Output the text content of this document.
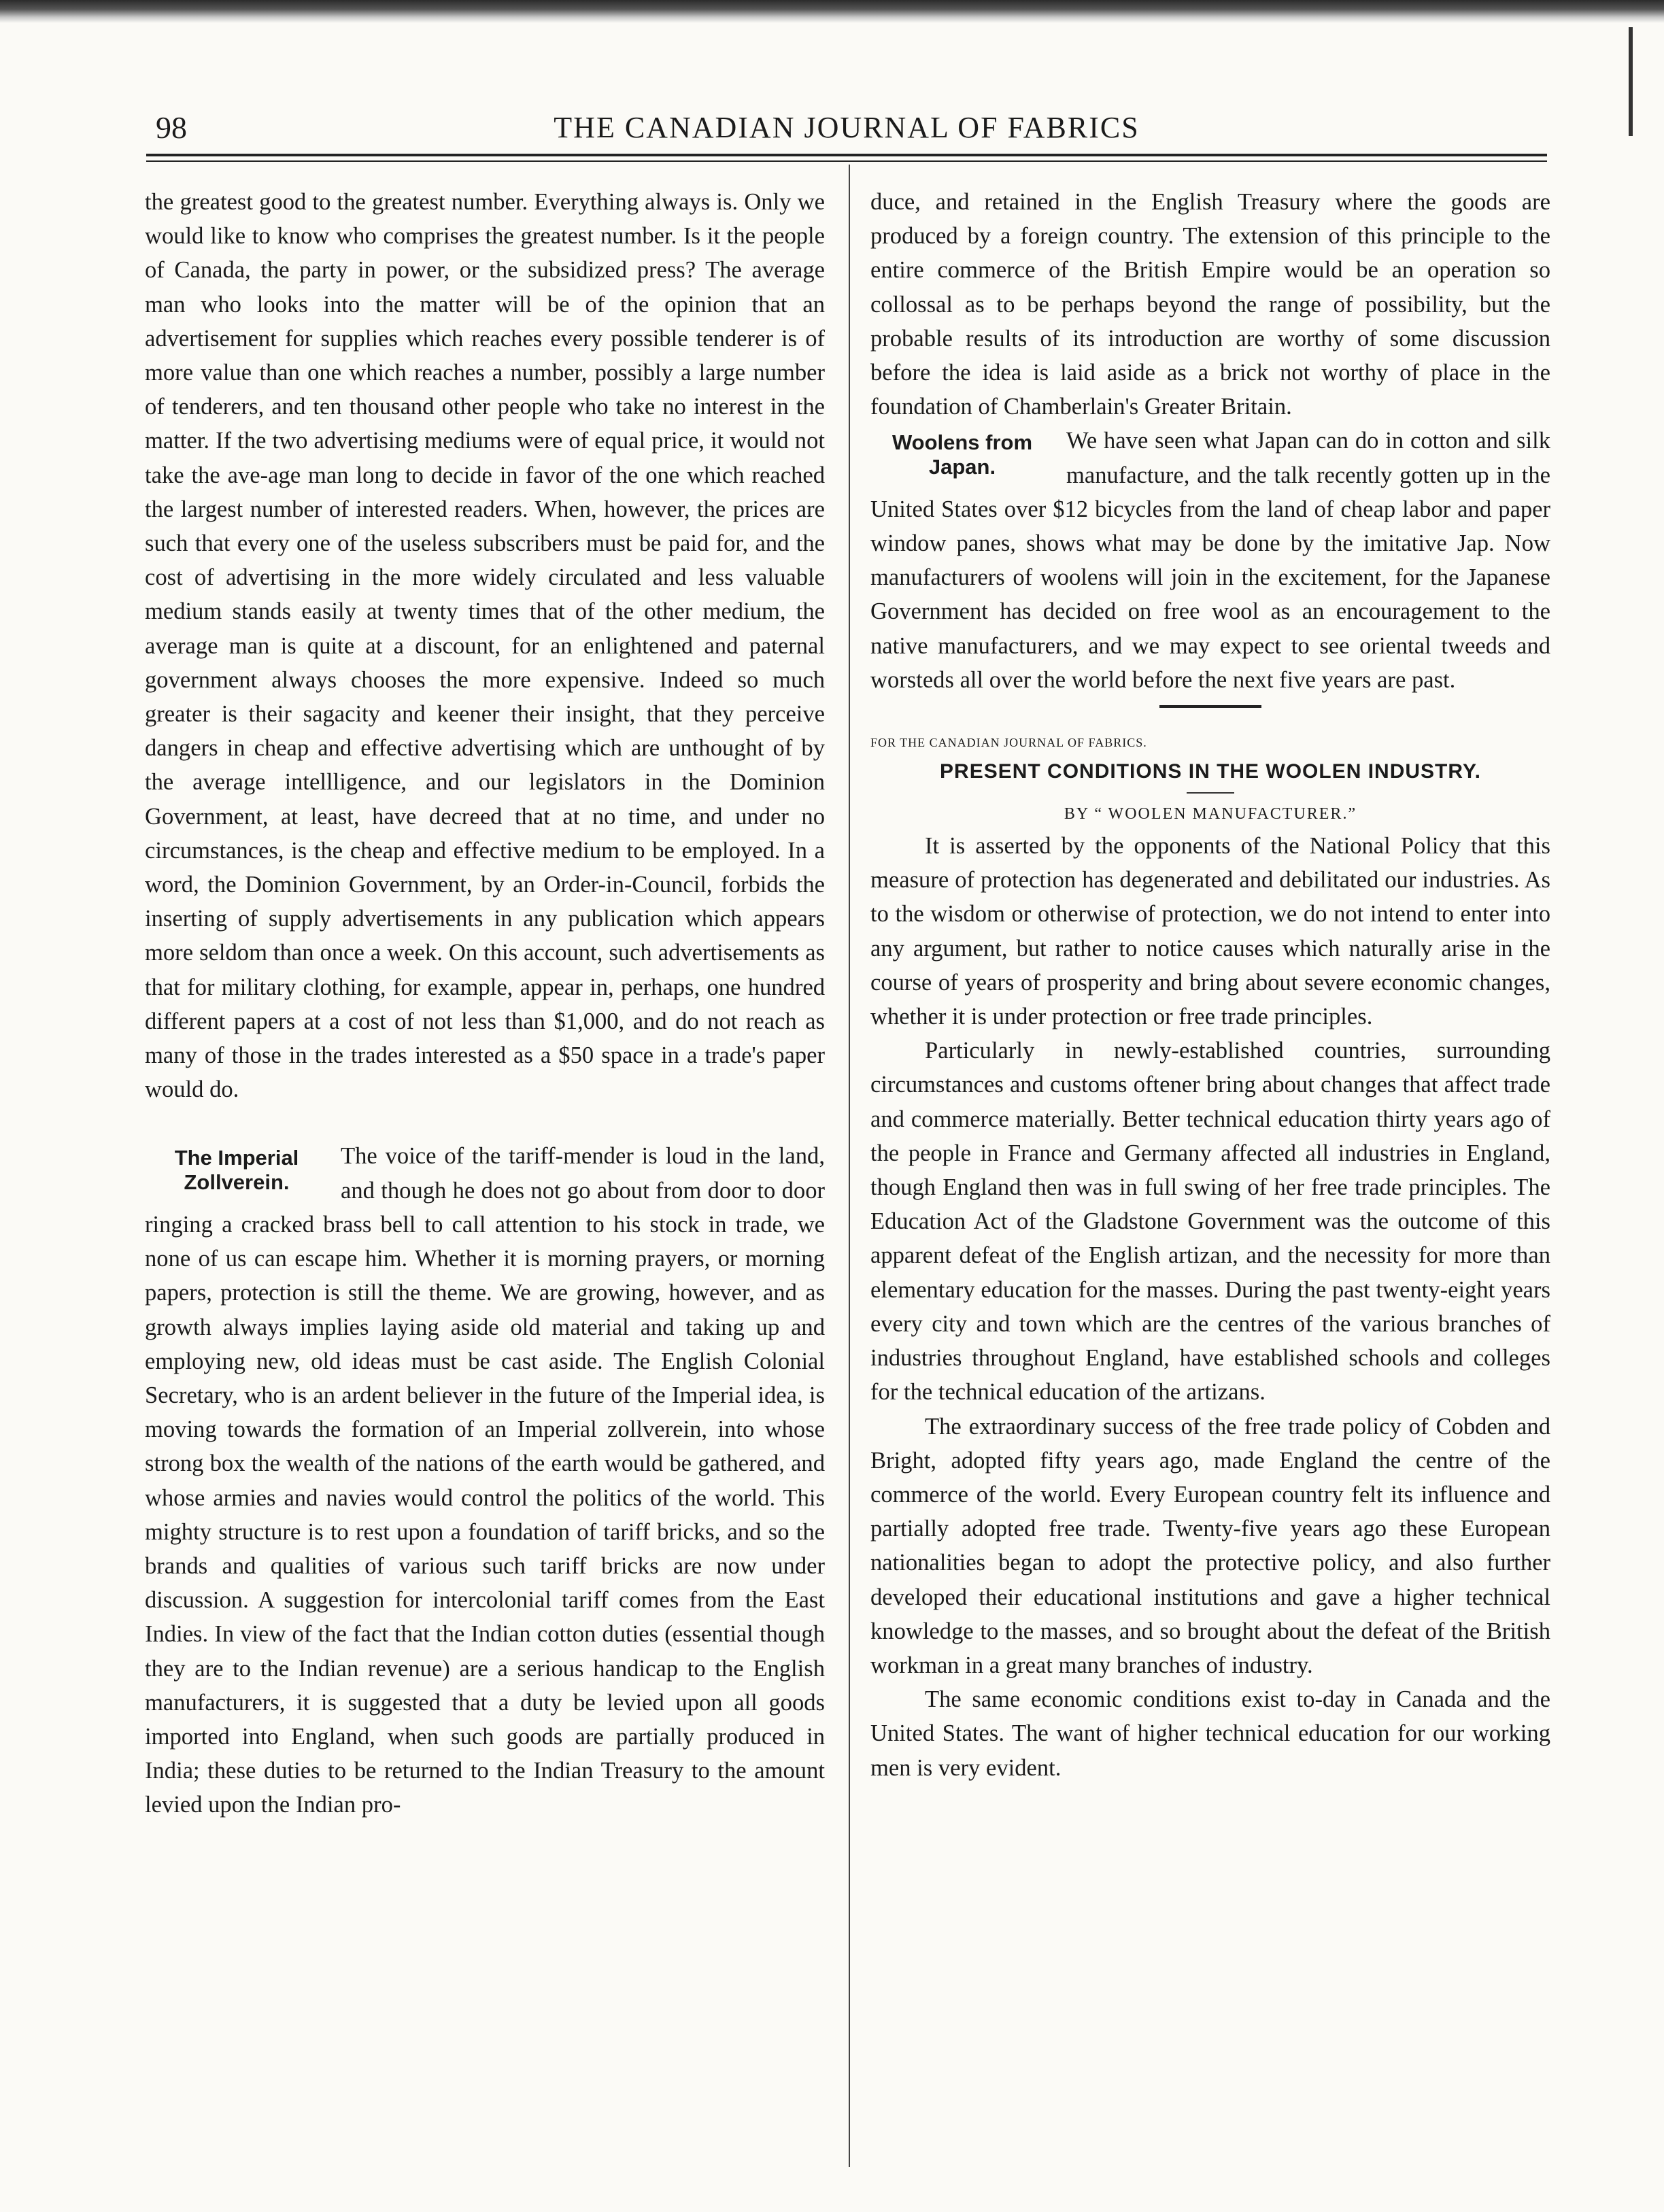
98	THE CANADIAN JOURNAL OF FABRICS

the greatest good to the greatest number. Everything always is. Only we would like to know who comprises the greatest number. Is it the people of Canada, the party in power, or the subsidized press? The average man who looks into the matter will be of the opinion that an advertisement for supplies which reaches every possible tenderer is of more value than one which reaches a number, possibly a large number of tenderers, and ten thousand other people who take no interest in the matter. If the two advertising mediums were of equal price, it would not take the ave-age man long to decide in favor of the one which reached the largest number of interested readers. When, however, the prices are such that every one of the useless subscribers must be paid for, and the cost of advertising in the more widely circulated and less valuable medium stands easily at twenty times that of the other medium, the average man is quite at a discount, for an enlightened and paternal government always chooses the more expensive. Indeed so much greater is their sagacity and keener their insight, that they perceive dangers in cheap and effective advertising which are unthought of by the average intellligence, and our legislators in the Dominion Government, at least, have decreed that at no time, and under no circumstances, is the cheap and effective medium to be employed. In a word, the Dominion Government, by an Order-in-Council, forbids the inserting of supply advertisements in any publication which appears more seldom than once a week. On this account, such advertisements as that for military clothing, for example, appear in, perhaps, one hundred different papers at a cost of not less than $1,000, and do not reach as many of those in the trades interested as a $50 space in a trade's paper would do.

The Imperial Zollverein.

The voice of the tariff-mender is loud in the land, and though he does not go about from door to door ringing a cracked brass bell to call attention to his stock in trade, we none of us can escape him. Whether it is morning prayers, or morning papers, protection is still the theme. We are growing, however, and as growth always implies laying aside old material and taking up and employing new, old ideas must be cast aside. The English Colonial Secretary, who is an ardent believer in the future of the Imperial idea, is moving towards the formation of an Imperial zollverein, into whose strong box the wealth of the nations of the earth would be gathered, and whose armies and navies would control the politics of the world. This mighty structure is to rest upon a foundation of tariff bricks, and so the brands and qualities of various such tariff bricks are now under discussion. A suggestion for intercolonial tariff comes from the East Indies. In view of the fact that the Indian cotton duties (essential though they are to the Indian revenue) are a serious handicap to the English manufacturers, it is suggested that a duty be levied upon all goods imported into England, when such goods are partially produced in India; these duties to be returned to the Indian Treasury to the amount levied upon the Indian pro-

duce, and retained in the English Treasury where the goods are produced by a foreign country. The extension of this principle to the entire commerce of the British Empire would be an operation so collossal as to be perhaps beyond the range of possibility, but the probable results of its introduction are worthy of some discussion before the idea is laid aside as a brick not worthy of place in the foundation of Chamberlain's Greater Britain.

Woolens from Japan.

We have seen what Japan can do in cotton and silk manufacture, and the talk recently gotten up in the United States over $12 bicycles from the land of cheap labor and paper window panes, shows what may be done by the imitative Jap. Now manufacturers of woolens will join in the excitement, for the Japanese Government has decided on free wool as an encouragement to the native manufacturers, and we may expect to see oriental tweeds and worsteds all over the world before the next five years are past.

FOR THE CANADIAN JOURNAL OF FABRICS.
PRESENT CONDITIONS IN THE WOOLEN INDUSTRY.
BY “ WOOLEN MANUFACTURER.”

It is asserted by the opponents of the National Policy that this measure of protection has degenerated and debilitated our industries. As to the wisdom or otherwise of protection, we do not intend to enter into any argument, but rather to notice causes which naturally arise in the course of years of prosperity and bring about severe economic changes, whether it is under protection or free trade principles.

Particularly in newly-established countries, surrounding circumstances and customs oftener bring about changes that affect trade and commerce materially. Better technical education thirty years ago of the people in France and Germany affected all industries in England, though England then was in full swing of her free trade principles. The Education Act of the Gladstone Government was the outcome of this apparent defeat of the English artizan, and the necessity for more than elementary education for the masses. During the past twenty-eight years every city and town which are the centres of the various branches of industries throughout England, have established schools and colleges for the technical education of the artizans.

The extraordinary success of the free trade policy of Cobden and Bright, adopted fifty years ago, made England the centre of the commerce of the world. Every European country felt its influence and partially adopted free trade. Twenty-five years ago these European nationalities began to adopt the protective policy, and also further developed their educational institutions and gave a higher technical knowledge to the masses, and so brought about the defeat of the British workman in a great many branches of industry.

The same economic conditions exist to-day in Canada and the United States. The want of higher technical education for our working men is very evident.
